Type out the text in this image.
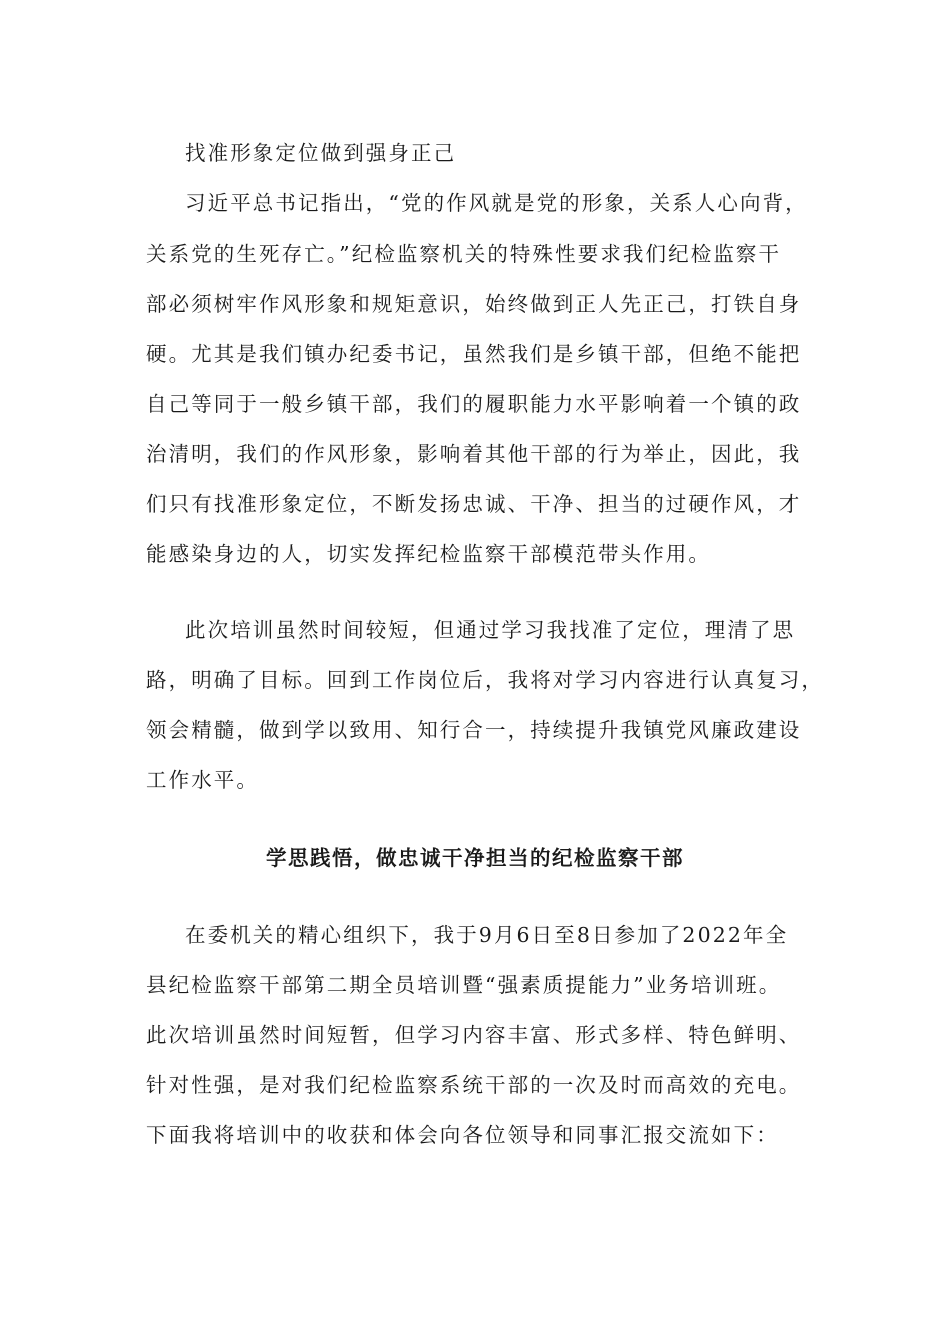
找准形象定位做到强身正己
习近平总书记指出，“党的作风就是党的形象，关系人心向背，
关系党的生死存亡。”纪检监察机关的特殊性要求我们纪检监察干
部必须树牢作风形象和规矩意识，始终做到正人先正己，打铁自身
硬。尤其是我们镇办纪委书记，虽然我们是乡镇干部，但绝不能把
自己等同于一般乡镇干部，我们的履职能力水平影响着一个镇的政
治清明，我们的作风形象，影响着其他干部的行为举止，因此，我
们只有找准形象定位，不断发扬忠诚、干净、担当的过硬作风，才
能感染身边的人，切实发挥纪检监察干部模范带头作用。
此次培训虽然时间较短，但通过学习我找准了定位，理清了思
路，明确了目标。回到工作岗位后，我将对学习内容进行认真复习，
领会精髓，做到学以致用、知行合一，持续提升我镇党风廉政建设
工作水平。
学思践悟，做忠诚干净担当的纪检监察干部
在委机关的精心组织下，我于9月6日至8日参加了2022年全
县纪检监察干部第二期全员培训暨“强素质提能力”业务培训班。
此次培训虽然时间短暂，但学习内容丰富、形式多样、特色鲜明、
针对性强，是对我们纪检监察系统干部的一次及时而高效的充电。
下面我将培训中的收获和体会向各位领导和同事汇报交流如下：
